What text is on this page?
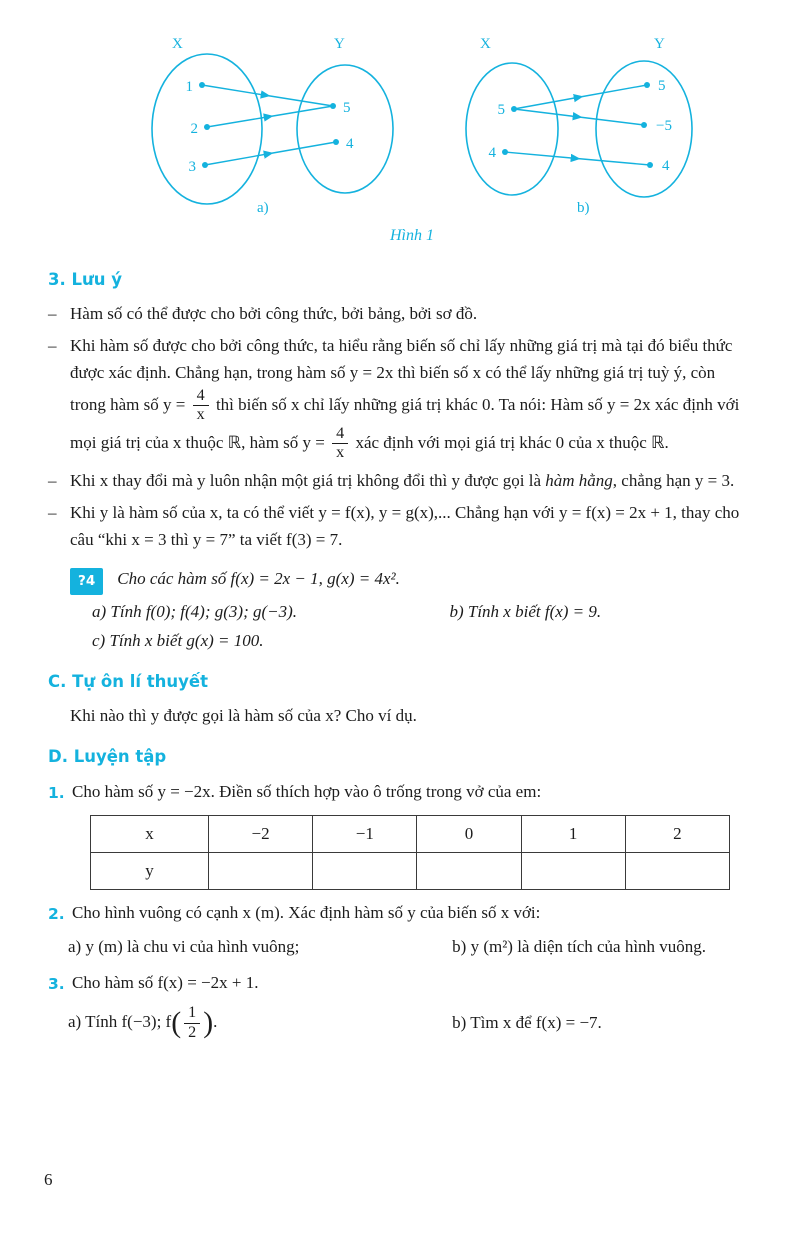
X	Y
1
2
3
5
4
a)
X	Y
5
4
5
−5
4
b)
Hình 1
3. Lưu ý
– Hàm số có thể được cho bởi công thức, bởi bảng, bởi sơ đồ.
– Khi hàm số được cho bởi công thức, ta hiểu rằng biến số chỉ lấy những giá trị mà tại đó biểu thức được xác định. Chẳng hạn, trong hàm số y = 2x thì biến số x có thể lấy những giá trị tuỳ ý, còn trong hàm số $y = \frac{4}{x}$ thì biến số x chỉ lấy những giá trị khác 0. Ta nói: Hàm số y = 2x xác định với mọi giá trị của x thuộc ℝ, hàm số $y = \frac{4}{x}$ xác định với mọi giá trị khác 0 của x thuộc ℝ.
– Khi x thay đổi mà y luôn nhận một giá trị không đổi thì y được gọi là hàm hằng, chẳng hạn y = 3.
– Khi y là hàm số của x, ta có thể viết y = f(x), y = g(x),... Chẳng hạn với y = f(x) = 2x + 1, thay cho câu “khi x = 3 thì y = 7” ta viết f(3) = 7.
?4	Cho các hàm số f(x) = 2x − 1, g(x) = 4x².
a) Tính f(0); f(4); g(3); g(−3).	b) Tính x biết f(x) = 9.
c) Tính x biết g(x) = 100.
C. Tự ôn lí thuyết
Khi nào thì y được gọi là hàm số của x? Cho ví dụ.
D. Luyện tập
1. Cho hàm số y = −2x. Điền số thích hợp vào ô trống trong vở của em:
x	−2	−1	0	1	2
y					
2. Cho hình vuông có cạnh x (m). Xác định hàm số y của biến số x với:
a) y (m) là chu vi của hình vuông;	b) y (m²) là diện tích của hình vuông.
3. Cho hàm số f(x) = −2x + 1.
a) Tính f(−3); $f( \frac{1}{2}$ ).	b) Tìm x để f(x) = −7.
6
